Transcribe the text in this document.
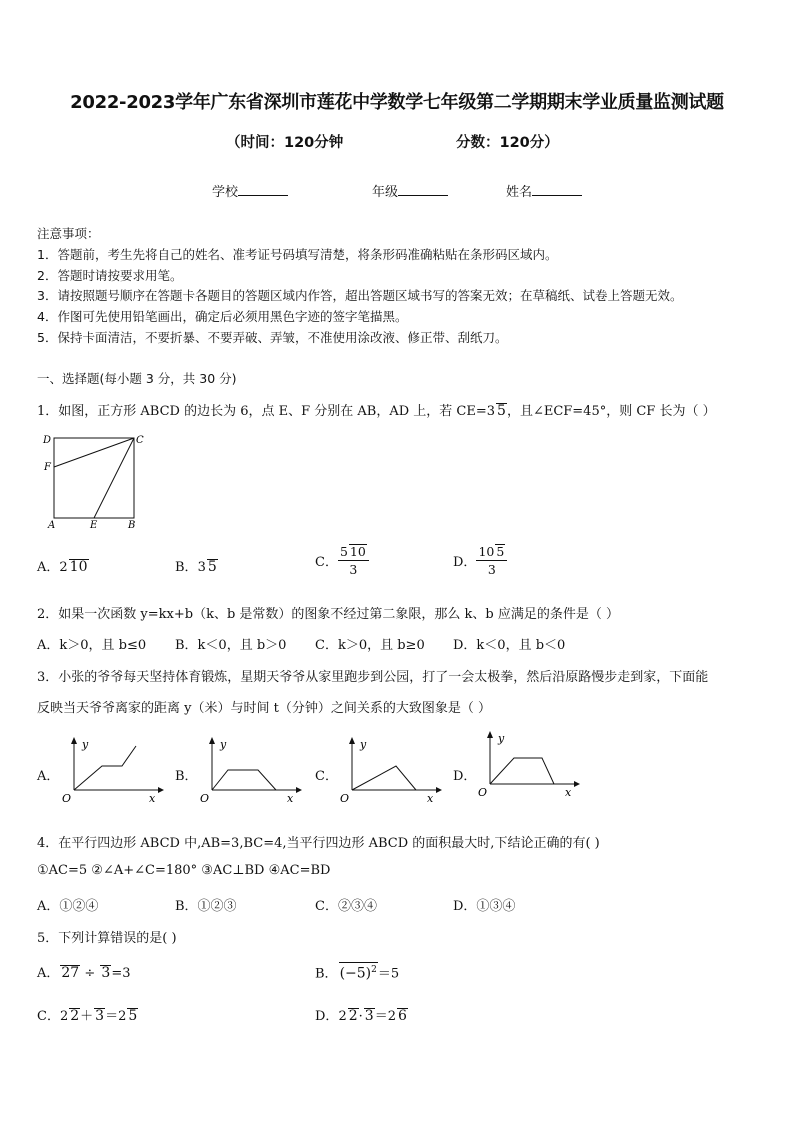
2022-2023学年广东省深圳市莲花中学数学七年级第二学期期末学业质量监测试题
（时间：120分钟	分数：120分）
学校	年级	姓名
注意事项：
1．答题前，考生先将自己的姓名、准考证号码填写清楚，将条形码准确粘贴在条形码区域内。
2．答题时请按要求用笔。
3．请按照题号顺序在答题卡各题目的答题区域内作答，超出答题区域书写的答案无效；在草稿纸、试卷上答题无效。
4．作图可先使用铅笔画出，确定后必须用黑色字迹的签字笔描黑。
5．保持卡面清洁，不要折暴、不要弄破、弄皱，不准使用涂改液、修正带、刮纸刀。
一、选择题(每小题 3 分，共 30 分)
1．如图，正方形 ABCD 的边长为 6，点 E、F 分别在 AB，AD 上，若 CE=3 5，且∠ECF=45°，则 CF 长为（ ）
D	C
F
A	E	B
A．2 10	B．3 5	C． $\frac{5 10}{3}$	D． $\frac{10 5}{3}$
2．如果一次函数 y=kx+b（k、b 是常数）的图象不经过第二象限，那么 k、b 应满足的条件是（ ）
A．k＞0，且 b≤0 B．k＜0，且 b＞0 C．k＞0，且 b≥0 D．k＜0，且 b＜0
3．小张的爷爷每天坚持体育锻炼，星期天爷爷从家里跑步到公园，打了一会太极拳，然后沿原路慢步走到家，下面能
反映当天爷爷离家的距离 y（米）与时间 t（分钟）之间关系的大致图象是（ ）
A．
y
x
O
B．
y
x
O
C．
y
x
O
D．
y
x
O
4．在平行四边形 ABCD 中,AB=3,BC=4,当平行四边形 ABCD 的面积最大时,下结论正确的有( )
①AC=5 ②∠A+∠C=180° ③AC⊥BD ④AC=BD
A．①②④	B．①②③	C．②③④	D．①③④
5．下列计算错误的是( )
A． 27 ÷ 3=3	B． $(-5)^2=5$
C．2 2＋ 3＝2 5	D．2 2· 3＝2 6
